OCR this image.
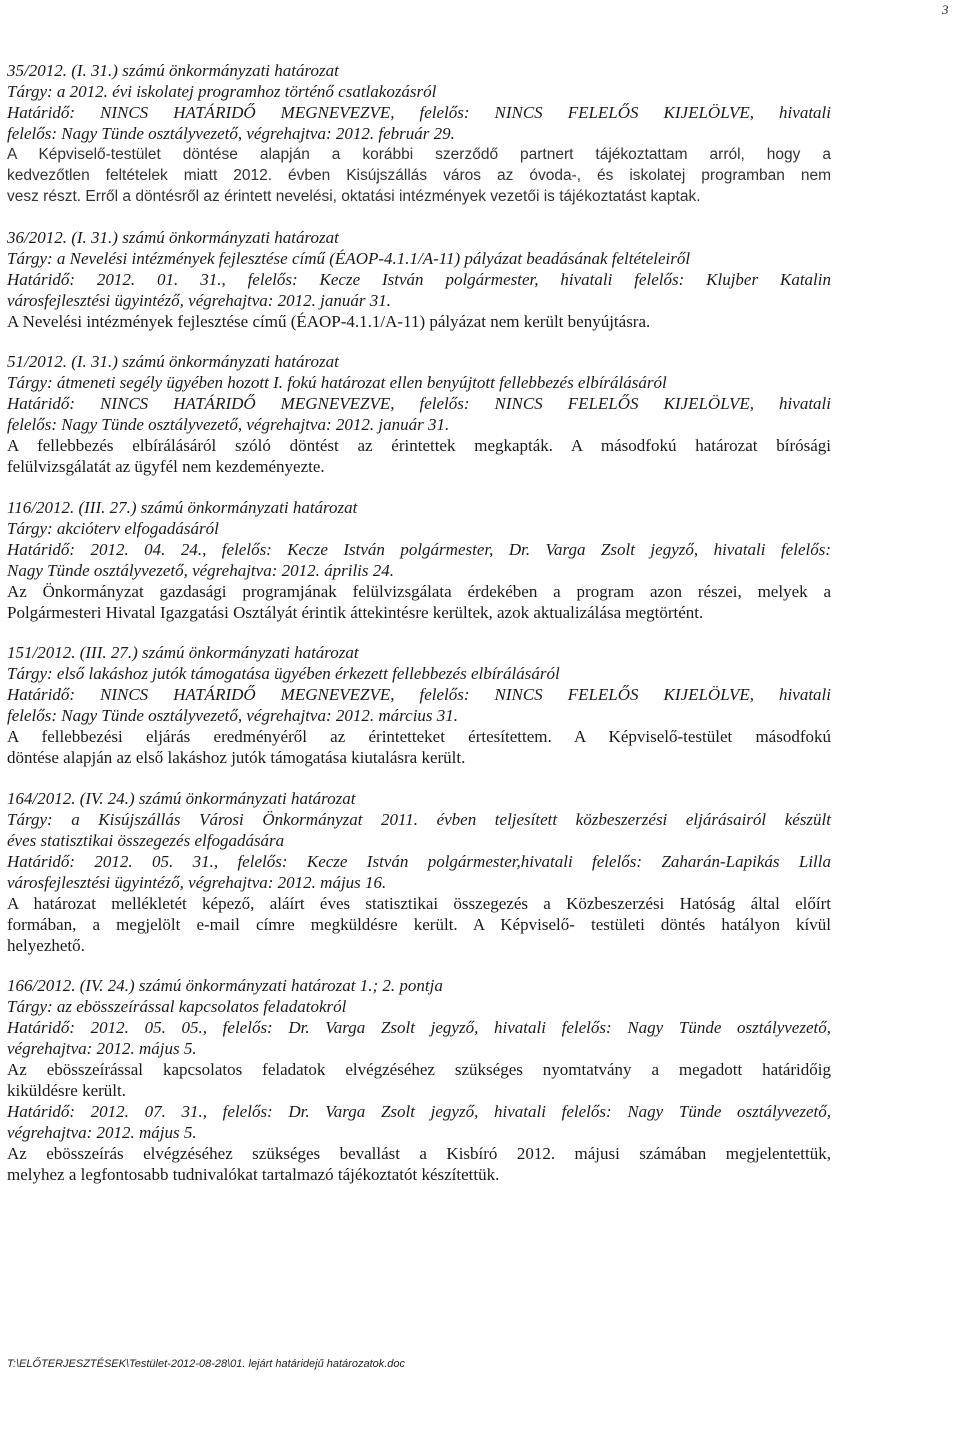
3
35/2012. (I. 31.) számú önkormányzati határozat
Tárgy: a 2012. évi iskolatej programhoz történő csatlakozásról
Határidő: NINCS HATÁRIDŐ MEGNEVEZVE, felelős: NINCS FELELŐS KIJELÖLVE, hivatali
felelős: Nagy Tünde osztályvezető, végrehajtva: 2012. február 29.
A Képviselő-testület döntése alapján a korábbi szerződő partnert tájékoztattam arról, hogy a
kedvezőtlen feltételek miatt 2012. évben Kisújszállás város az óvoda-, és iskolatej programban nem
vesz részt. Erről a döntésről az érintett nevelési, oktatási intézmények vezetői is tájékoztatást kaptak.
36/2012. (I. 31.) számú önkormányzati határozat
Tárgy: a Nevelési intézmények fejlesztése című (ÉAOP-4.1.1/A-11) pályázat beadásának feltételeiről
Határidő: 2012. 01. 31., felelős: Kecze István polgármester, hivatali felelős: Klujber Katalin
városfejlesztési ügyintéző, végrehajtva: 2012. január 31.
A Nevelési intézmények fejlesztése című (ÉAOP-4.1.1/A-11) pályázat nem került benyújtásra.
51/2012. (I. 31.) számú önkormányzati határozat
Tárgy: átmeneti segély ügyében hozott I. fokú határozat ellen benyújtott fellebbezés elbírálásáról
Határidő: NINCS HATÁRIDŐ MEGNEVEZVE, felelős: NINCS FELELŐS KIJELÖLVE, hivatali
felelős: Nagy Tünde osztályvezető, végrehajtva: 2012. január 31.
A fellebbezés elbírálásáról szóló döntést az érintettek megkapták. A másodfokú határozat bírósági
felülvizsgálatát az ügyfél nem kezdeményezte.
116/2012. (III. 27.) számú önkormányzati határozat
Tárgy: akcióterv elfogadásáról
Határidő: 2012. 04. 24., felelős: Kecze István polgármester, Dr. Varga Zsolt jegyző, hivatali felelős:
Nagy Tünde osztályvezető, végrehajtva: 2012. április 24.
Az Önkormányzat gazdasági programjának felülvizsgálata érdekében a program azon részei, melyek a
Polgármesteri Hivatal Igazgatási Osztályát érintik áttekintésre kerültek, azok aktualizálása megtörtént.
151/2012. (III. 27.) számú önkormányzati határozat
Tárgy: első lakáshoz jutók támogatása ügyében érkezett fellebbezés elbírálásáról
Határidő: NINCS HATÁRIDŐ MEGNEVEZVE, felelős: NINCS FELELŐS KIJELÖLVE, hivatali
felelős: Nagy Tünde osztályvezető, végrehajtva: 2012. március 31.
A fellebbezési eljárás eredményéről az érintetteket értesítettem. A Képviselő-testület másodfokú
döntése alapján az első lakáshoz jutók támogatása kiutalásra került.
164/2012. (IV. 24.) számú önkormányzati határozat
Tárgy: a Kisújszállás Városi Önkormányzat 2011. évben teljesített közbeszerzési eljárásairól készült
éves statisztikai összegezés elfogadására
Határidő: 2012. 05. 31., felelős: Kecze István polgármester,hivatali felelős: Zaharán-Lapikás Lilla
városfejlesztési ügyintéző, végrehajtva: 2012. május 16.
A határozat mellékletét képező, aláírt éves statisztikai összegezés a Közbeszerzési Hatóság által előírt
formában, a megjelölt e-mail címre megküldésre került. A Képviselő- testületi döntés hatályon kívül
helyezhető.
166/2012. (IV. 24.) számú önkormányzati határozat 1.; 2. pontja
Tárgy: az ebösszeírással kapcsolatos feladatokról
Határidő: 2012. 05. 05., felelős: Dr. Varga Zsolt jegyző, hivatali felelős: Nagy Tünde osztályvezető,
végrehajtva: 2012. május 5.
Az ebösszeírással kapcsolatos feladatok elvégzéséhez szükséges nyomtatvány a megadott határidőig
kiküldésre került.
Határidő: 2012. 07. 31., felelős: Dr. Varga Zsolt jegyző, hivatali felelős: Nagy Tünde osztályvezető,
végrehajtva: 2012. május 5.
Az ebösszeírás elvégzéséhez szükséges bevallást a Kisbíró 2012. májusi számában megjelentettük,
melyhez a legfontosabb tudnivalókat tartalmazó tájékoztatót készítettük.
T:\ELŐTERJESZTÉSEK\Testület-2012-08-28\01. lejárt határidejű határozatok.doc
